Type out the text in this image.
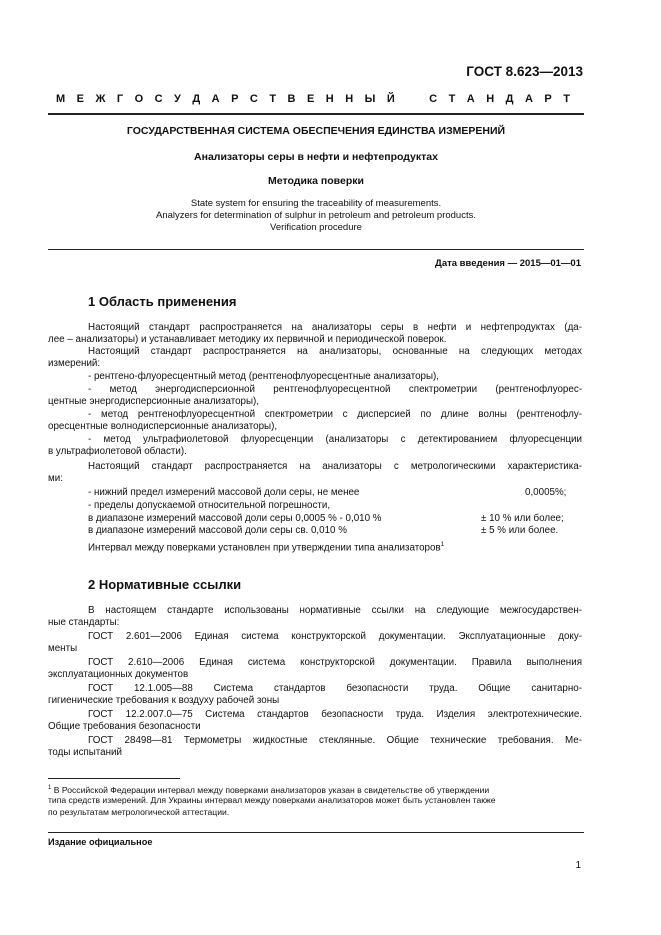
ГОСТ 8.623—2013
М Е Ж Г О С У Д А Р С Т В Е Н Н Ы Й	С Т А Н Д А Р Т
ГОСУДАРСТВЕННАЯ СИСТЕМА ОБЕСПЕЧЕНИЯ ЕДИНСТВА ИЗМЕРЕНИЙ
Анализаторы серы в нефти и нефтепродуктах
Методика поверки
State system for ensuring the traceability of measurements.
Analyzers for determination of sulphur in petroleum and petroleum products.
Verification procedure
Дата введения — 2015—01—01
1 Область применения
Настоящий стандарт распространяется на анализаторы серы в нефти и нефтепродуктах (да-
лее – анализаторы) и устанавливает методику их первичной и периодической поверок.
Настоящий стандарт распространяется на анализаторы, основанные на следующих методах
измерений:
- рентгено-флуоресцентный метод (рентгенофлуоресцентные анализаторы),
- метод энергодисперсионной рентгенофлуоресцентной спектрометрии (рентгенофлуорес-
центные энергодисперсионные анализаторы),
- метод рентгенофлуоресцентной спектрометрии с дисперсией по длине волны (рентгенофлу-
оресцентные волнодисперсионные анализаторы),
- метод ультрафиолетовой флуоресценции (анализаторы с детектированием флуоресценции
в ультрафиолетовой области).
Настоящий стандарт распространяется на анализаторы с метрологическими характеристика-
ми:
- нижний предел измерений массовой доли серы, не менее	0,0005%;
- пределы допускаемой относительной погрешности,
в диапазоне измерений массовой доли серы 0,0005 % - 0,010 %	± 10 % или более;
в диапазоне измерений массовой доли серы св. 0,010 %	± 5 % или более.
Интервал между поверками установлен при утверждении типа анализаторов$^1$
2 Нормативные ссылки
В настоящем стандарте использованы нормативные ссылки на следующие межгосударствен-
ные стандарты:
ГОСТ 2.601—2006 Единая система конструкторской документации. Эксплуатационные доку-
менты
ГОСТ 2.610—2006 Единая система конструкторской документации. Правила выполнения
эксплуатационных документов
ГОСТ 12.1.005—88 Система стандартов безопасности труда. Общие санитарно-
гигиенические требования к воздуху рабочей зоны
ГОСТ 12.2.007.0—75 Система стандартов безопасности труда. Изделия электротехнические.
Общие требования безопасности
ГОСТ 28498—81 Термометры жидкостные стеклянные. Общие технические требования. Ме-
тоды испытаний
$^1$ В Российской Федерации интервал между поверками анализаторов указан в свидетельстве об утверждении
типа средств измерений. Для Украины интервал между поверками анализаторов может быть установлен также
по результатам метрологической аттестации.
Издание официальное
1
